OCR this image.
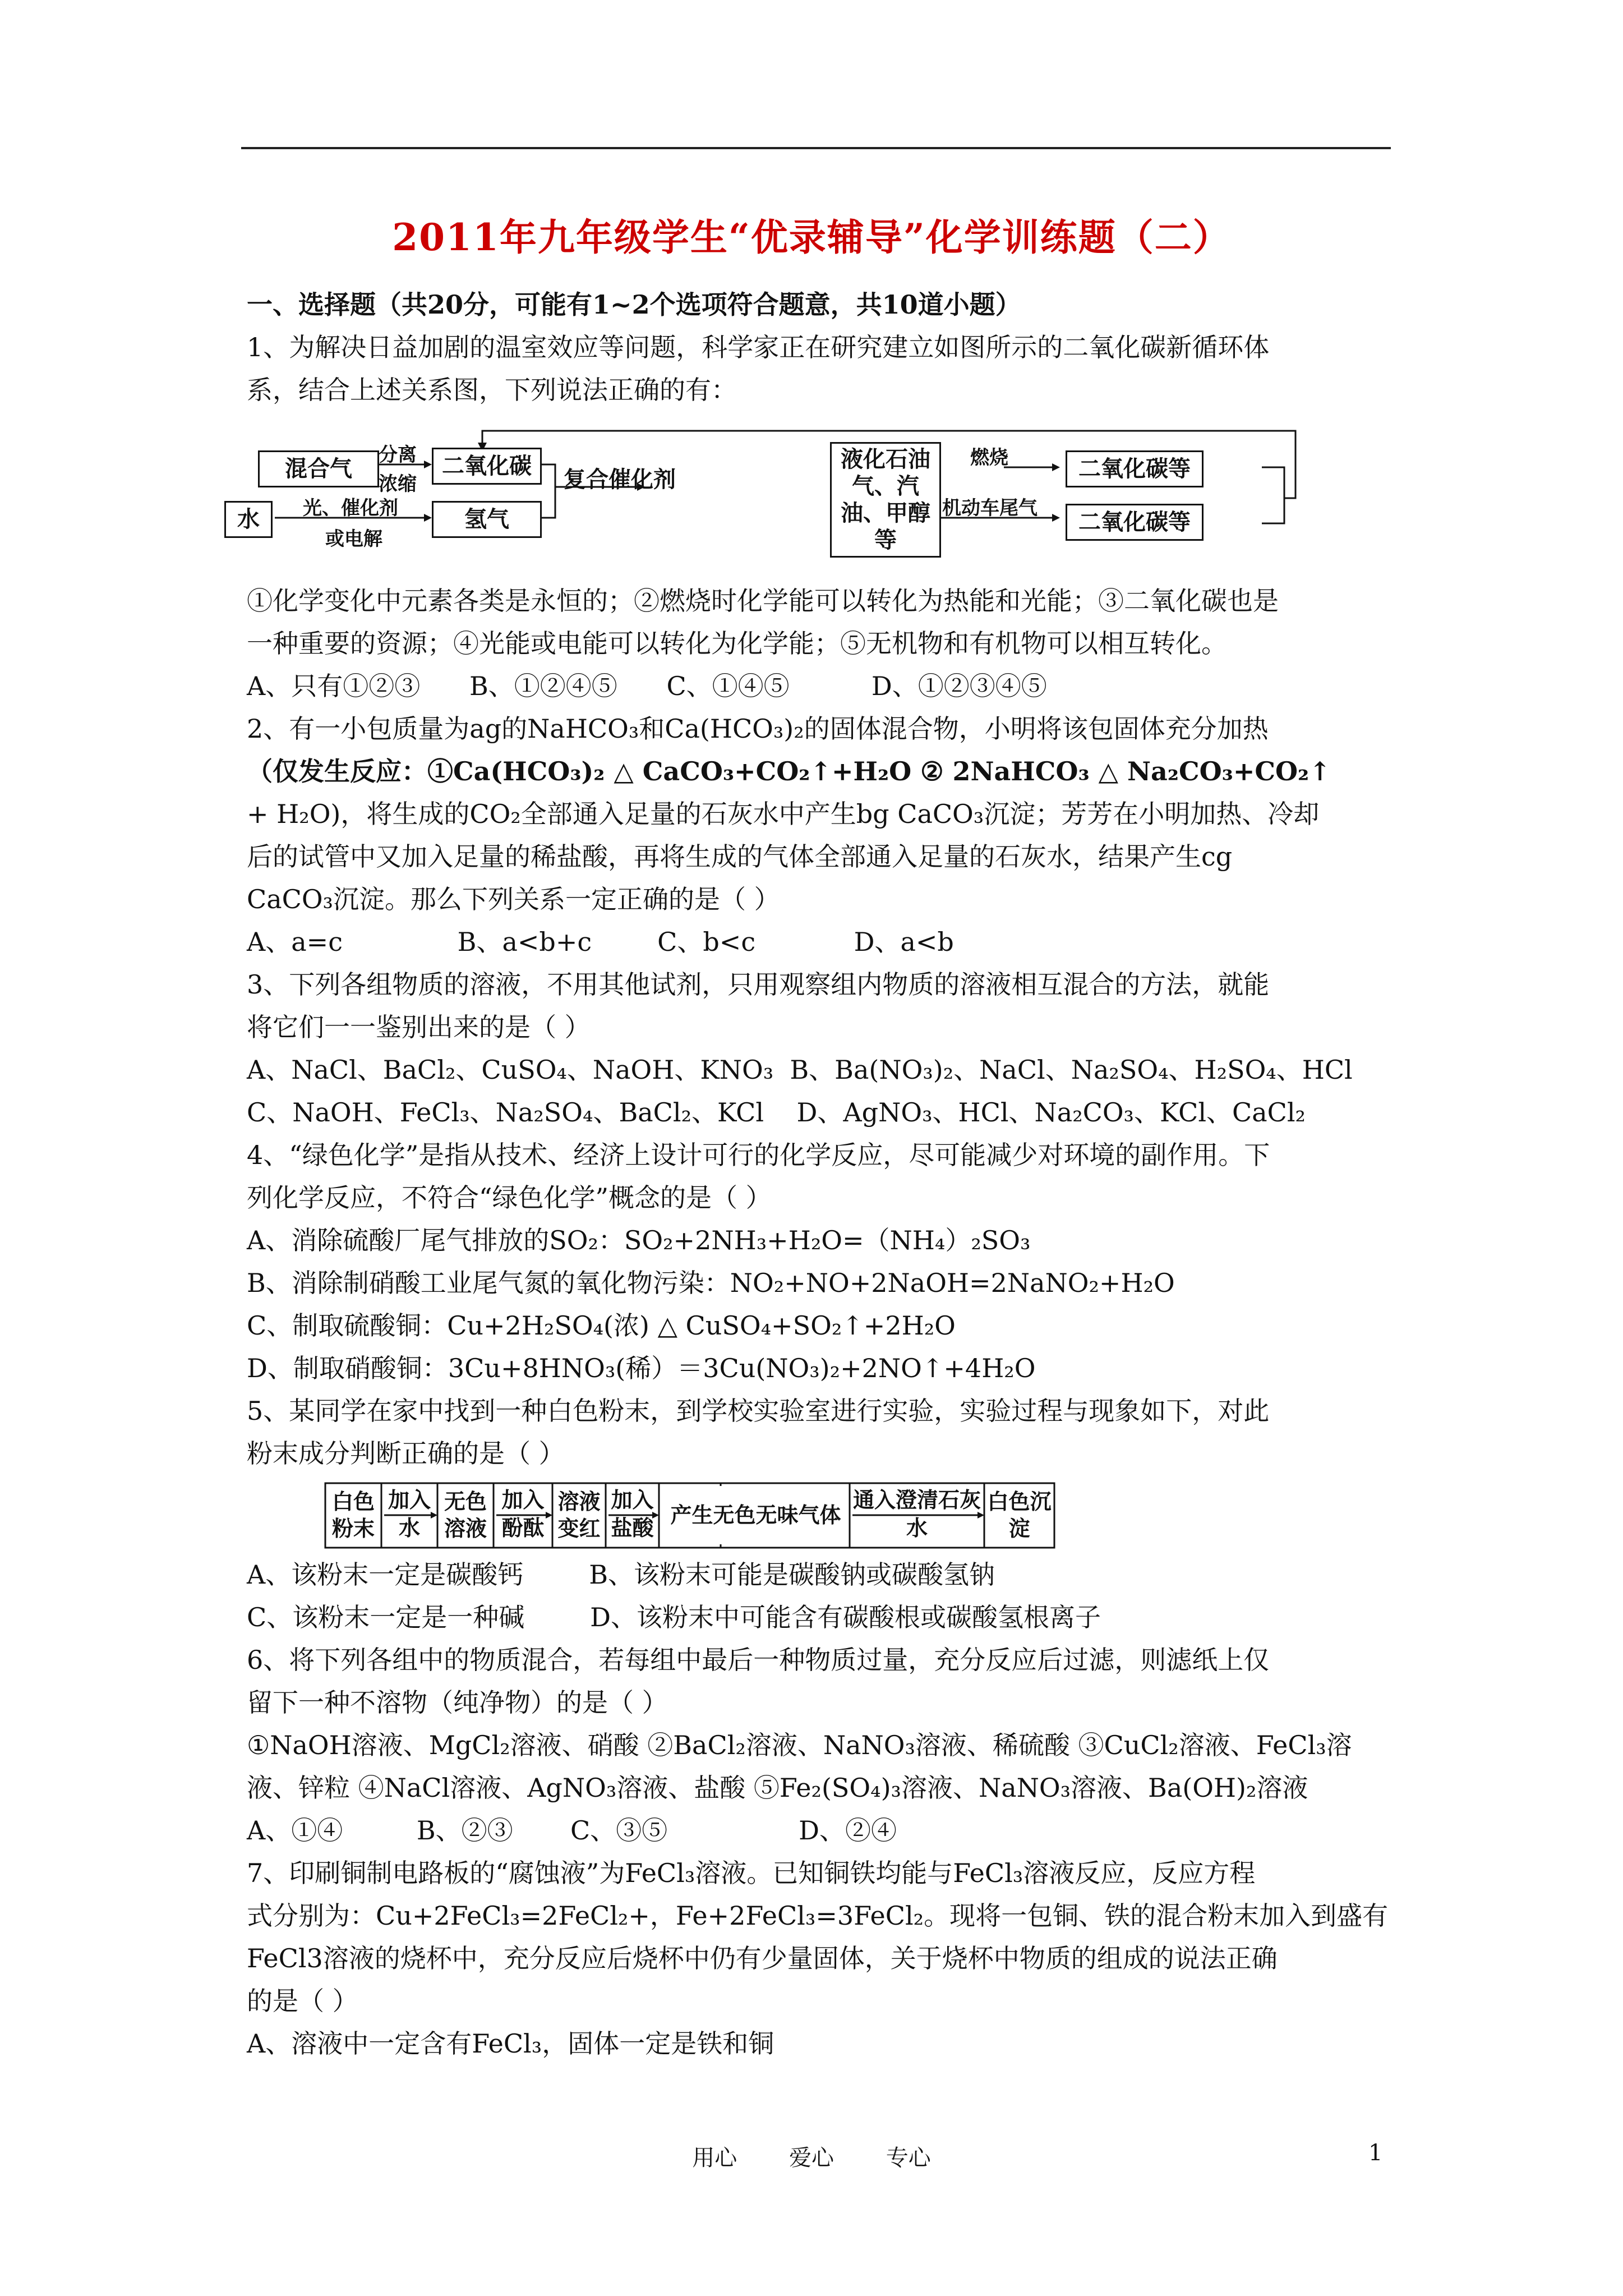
2011年九年级学生“优录辅导”化学训练题（二）
一、选择题（共20分，可能有1~2个选项符合题意，共10道小题）
1、为解决日益加剧的温室效应等问题，科学家正在研究建立如图所示的二氧化碳新循环体
系，结合上述关系图，下列说法正确的有：
混合气
水
二氧化碳
氢气
液化石油气、汽油、甲醇等
二氧化碳等
二氧化碳等
分离
浓缩
光、催化剂
或电解
复合催化剂
燃烧
机动车尾气
①化学变化中元素各类是永恒的；②燃烧时化学能可以转化为热能和光能；③二氧化碳也是
一种重要的资源；④光能或电能可以转化为化学能；⑤无机物和有机物可以相互转化。
A、只有①②③      B、①②④⑤      C、①④⑤          D、①②③④⑤
2、有一小包质量为ag的NaHCO₃和Ca(HCO₃)₂的固体混合物，小明将该包固体充分加热
（仅发生反应：①Ca(HCO₃)₂ △ CaCO₃+CO₂↑+H₂O ② 2NaHCO₃ △ Na₂CO₃+CO₂↑
+ H₂O)，将生成的CO₂全部通入足量的石灰水中产生bg CaCO₃沉淀；芳芳在小明加热、冷却
后的试管中又加入足量的稀盐酸，再将生成的气体全部通入足量的石灰水，结果产生cg
CaCO₃沉淀。那么下列关系一定正确的是（ ）
A、a=c              B、a<b+c        C、b<c            D、a<b
3、下列各组物质的溶液，不用其他试剂，只用观察组内物质的溶液相互混合的方法，就能
将它们一一鉴别出来的是（ ）
A、NaCl、BaCl₂、CuSO₄、NaOH、KNO₃  B、Ba(NO₃)₂、NaCl、Na₂SO₄、H₂SO₄、HCl
C、NaOH、FeCl₃、Na₂SO₄、BaCl₂、KCl    D、AgNO₃、HCl、Na₂CO₃、KCl、CaCl₂
4、“绿色化学”是指从技术、经济上设计可行的化学反应，尽可能减少对环境的副作用。下
列化学反应，不符合“绿色化学”概念的是（ ）
A、消除硫酸厂尾气排放的SO₂：SO₂+2NH₃+H₂O=（NH₄）₂SO₃
B、消除制硝酸工业尾气氮的氧化物污染：NO₂+NO+2NaOH=2NaNO₂+H₂O
C、制取硫酸铜：Cu+2H₂SO₄(浓) △ CuSO₄+SO₂↑+2H₂O
D、制取硝酸铜：3Cu+8HNO₃(稀）＝3Cu(NO₃)₂+2NO↑+4H₂O
5、某同学在家中找到一种白色粉末，到学校实验室进行实验，实验过程与现象如下，对此
粉末成分判断正确的是（ ）
白色粉末
加入水
无色溶液
加入酚酞
溶液变红
加入盐酸
产生无色无味气体
通入澄清石灰水
白色沉淀
A、该粉末一定是碳酸钙        B、该粉末可能是碳酸钠或碳酸氢钠
C、该粉末一定是一种碱        D、该粉末中可能含有碳酸根或碳酸氢根离子
6、将下列各组中的物质混合，若每组中最后一种物质过量，充分反应后过滤，则滤纸上仅
留下一种不溶物（纯净物）的是（ ）
①NaOH溶液、MgCl₂溶液、硝酸 ②BaCl₂溶液、NaNO₃溶液、稀硫酸 ③CuCl₂溶液、FeCl₃溶
液、锌粒 ④NaCl溶液、AgNO₃溶液、盐酸 ⑤Fe₂(SO₄)₃溶液、NaNO₃溶液、Ba(OH)₂溶液
A、①④         B、②③       C、③⑤                D、②④
7、印刷铜制电路板的“腐蚀液”为FeCl₃溶液。已知铜铁均能与FeCl₃溶液反应，反应方程
式分别为：Cu+2FeCl₃=2FeCl₂+，Fe+2FeCl₃=3FeCl₂。现将一包铜、铁的混合粉末加入到盛有
FeCl3溶液的烧杯中，充分反应后烧杯中仍有少量固体，关于烧杯中物质的组成的说法正确
的是（ ）
A、溶液中一定含有FeCl₃，固体一定是铁和铜
用心 爱心 专心	1
